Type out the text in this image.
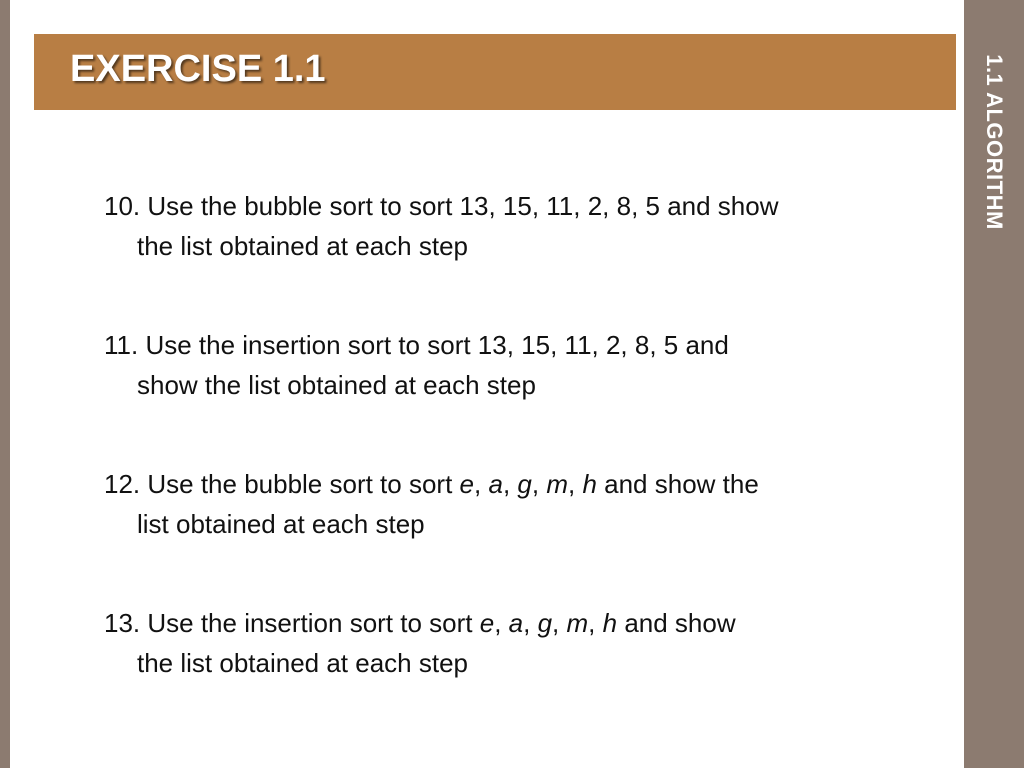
1.1 ALGORITHM
EXERCISE 1.1
10. Use the bubble sort to sort 13, 15, 11, 2, 8, 5 and show
the list obtained at each step
11. Use the insertion sort to sort 13, 15, 11, 2, 8, 5 and
show the list obtained at each step
12. Use the bubble sort to sort e, a, g, m, h and show the
list obtained at each step
13. Use the insertion sort to sort e, a, g, m, h and show
the list obtained at each step
